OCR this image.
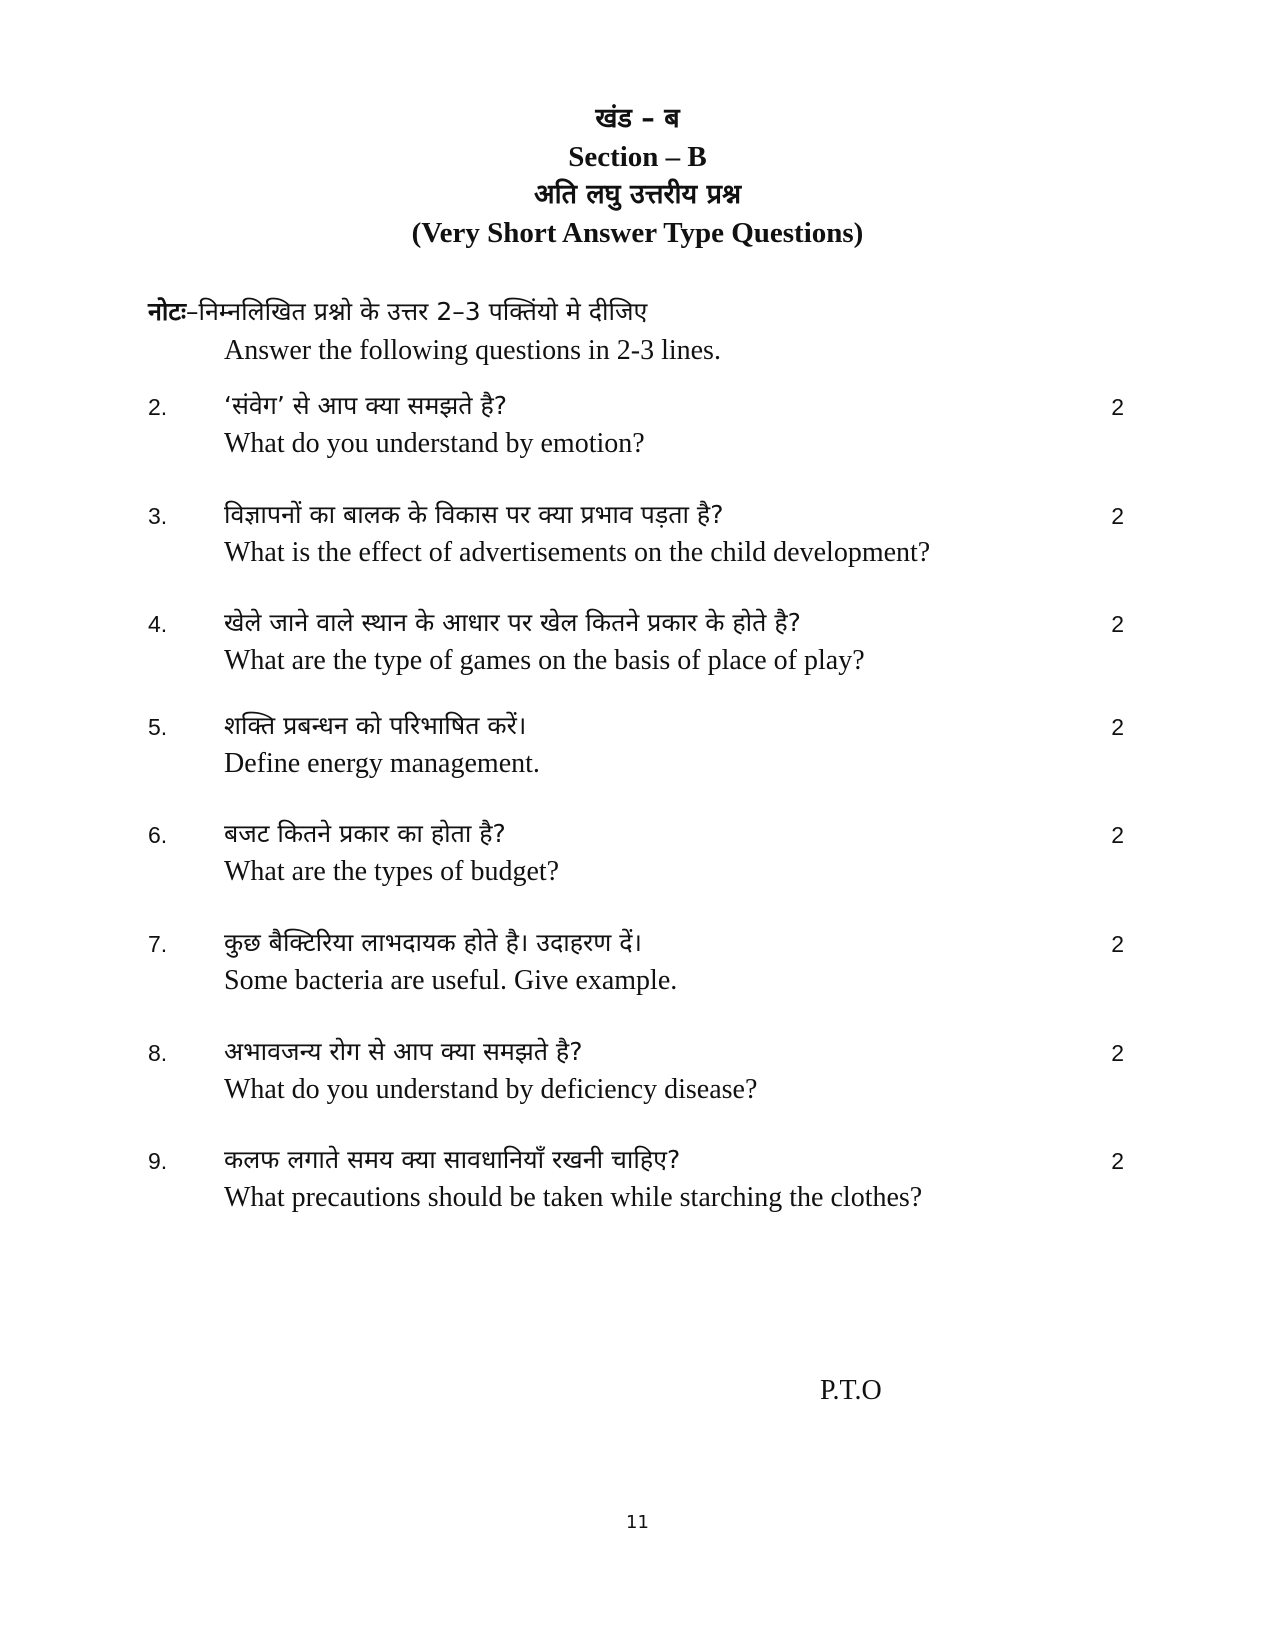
खंड – ब
Section – B
अति लघु उत्तरीय प्रश्न
(Very Short Answer Type Questions)
नोटः–निम्नलिखित प्रश्नो के उत्तर 2–3 पक्तिंयो मे दीजिए
Answer the following questions in 2-3 lines.
2. ‘संवेग’ से आप क्या समझते है?
What do you understand by emotion?
2
3. विज्ञापनों का बालक के विकास पर क्या प्रभाव पड़ता है?
What is the effect of advertisements on the child development?
2
4. खेले जाने वाले स्थान के आधार पर खेल कितने प्रकार के होते है?
What are the type of games on the basis of place of play?
2
5. शक्ति प्रबन्धन को परिभाषित करें।
Define energy management.
2
6. बजट कितने प्रकार का होता है?
What are the types of budget?
2
7. कुछ बैक्टिरिया लाभदायक होते है। उदाहरण दें।
Some bacteria are useful. Give example.
2
8. अभावजन्य रोग से आप क्या समझते है?
What do you understand by deficiency disease?
2
9. कलफ लगाते समय क्या सावधानियाँ रखनी चाहिए?
What precautions should be taken while starching the clothes?
2
P.T.O
11
